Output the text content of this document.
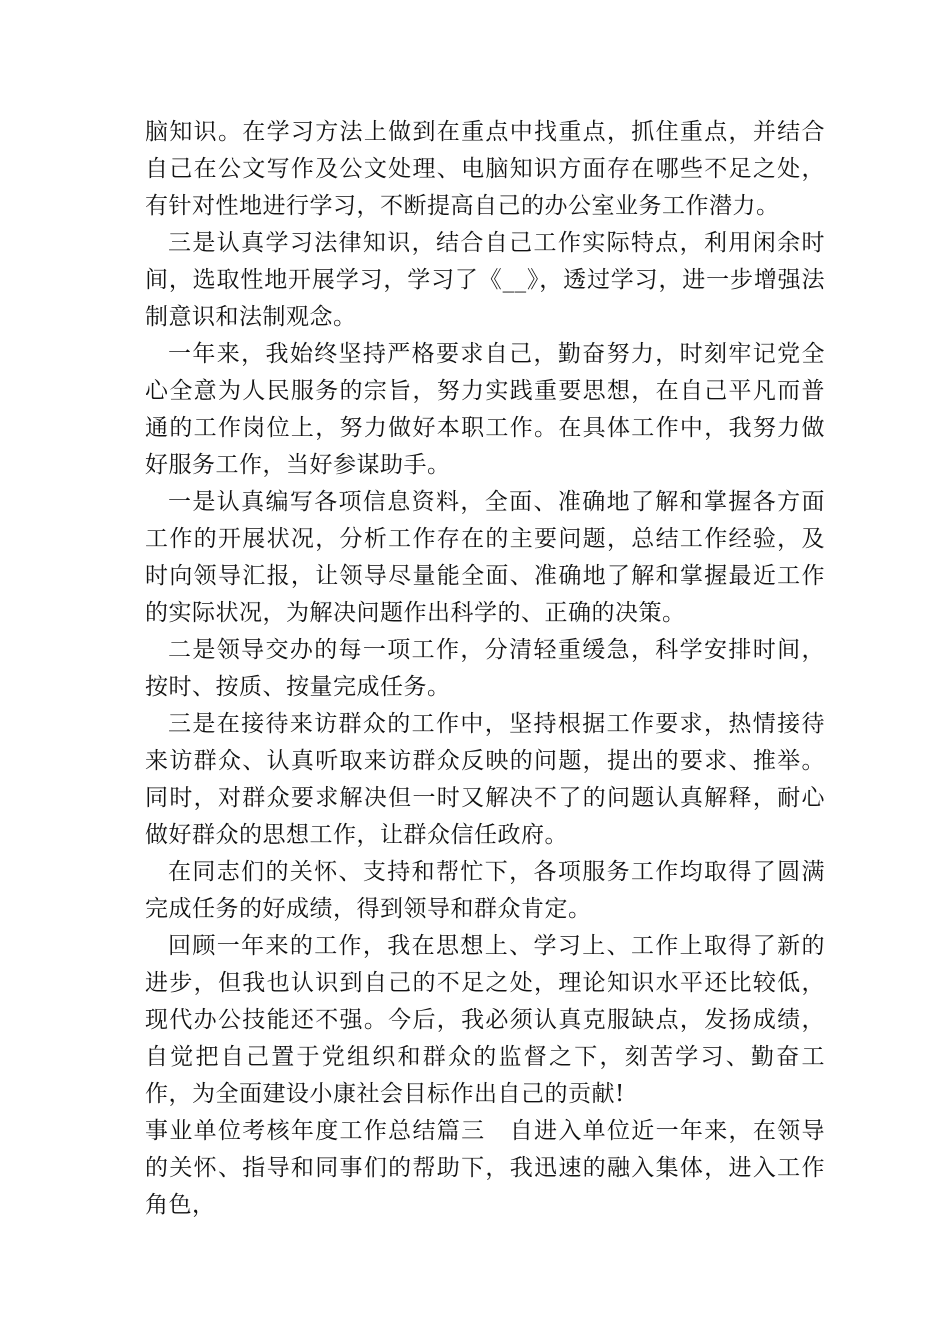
脑知识。在学习方法上做到在重点中找重点，抓住重点，并结合自己在公文写作及公文处理、电脑知识方面存在哪些不足之处，有针对性地进行学习，不断提高自己的办公室业务工作潜力。

三是认真学习法律知识，结合自己工作实际特点，利用闲余时间，选取性地开展学习，学习了《__》，透过学习，进一步增强法制意识和法制观念。

一年来，我始终坚持严格要求自己，勤奋努力，时刻牢记党全心全意为人民服务的宗旨，努力实践重要思想，在自己平凡而普通的工作岗位上，努力做好本职工作。在具体工作中，我努力做好服务工作，当好参谋助手。

一是认真编写各项信息资料，全面、准确地了解和掌握各方面工作的开展状况，分析工作存在的主要问题，总结工作经验，及时向领导汇报，让领导尽量能全面、准确地了解和掌握最近工作的实际状况，为解决问题作出科学的、正确的决策。

二是领导交办的每一项工作，分清轻重缓急，科学安排时间，按时、按质、按量完成任务。

三是在接待来访群众的工作中，坚持根据工作要求，热情接待来访群众、认真听取来访群众反映的问题，提出的要求、推举。同时，对群众要求解决但一时又解决不了的问题认真解释，耐心做好群众的思想工作，让群众信任政府。

在同志们的关怀、支持和帮忙下，各项服务工作均取得了圆满完成任务的好成绩，得到领导和群众肯定。

回顾一年来的工作，我在思想上、学习上、工作上取得了新的进步，但我也认识到自己的不足之处，理论知识水平还比较低，现代办公技能还不强。今后，我必须认真克服缺点，发扬成绩，自觉把自己置于党组织和群众的监督之下，刻苦学习、勤奋工作，为全面建设小康社会目标作出自己的贡献!

事业单位考核年度工作总结篇三　自进入单位近一年来，在领导的关怀、指导和同事们的帮助下，我迅速的融入集体，进入工作角色，
